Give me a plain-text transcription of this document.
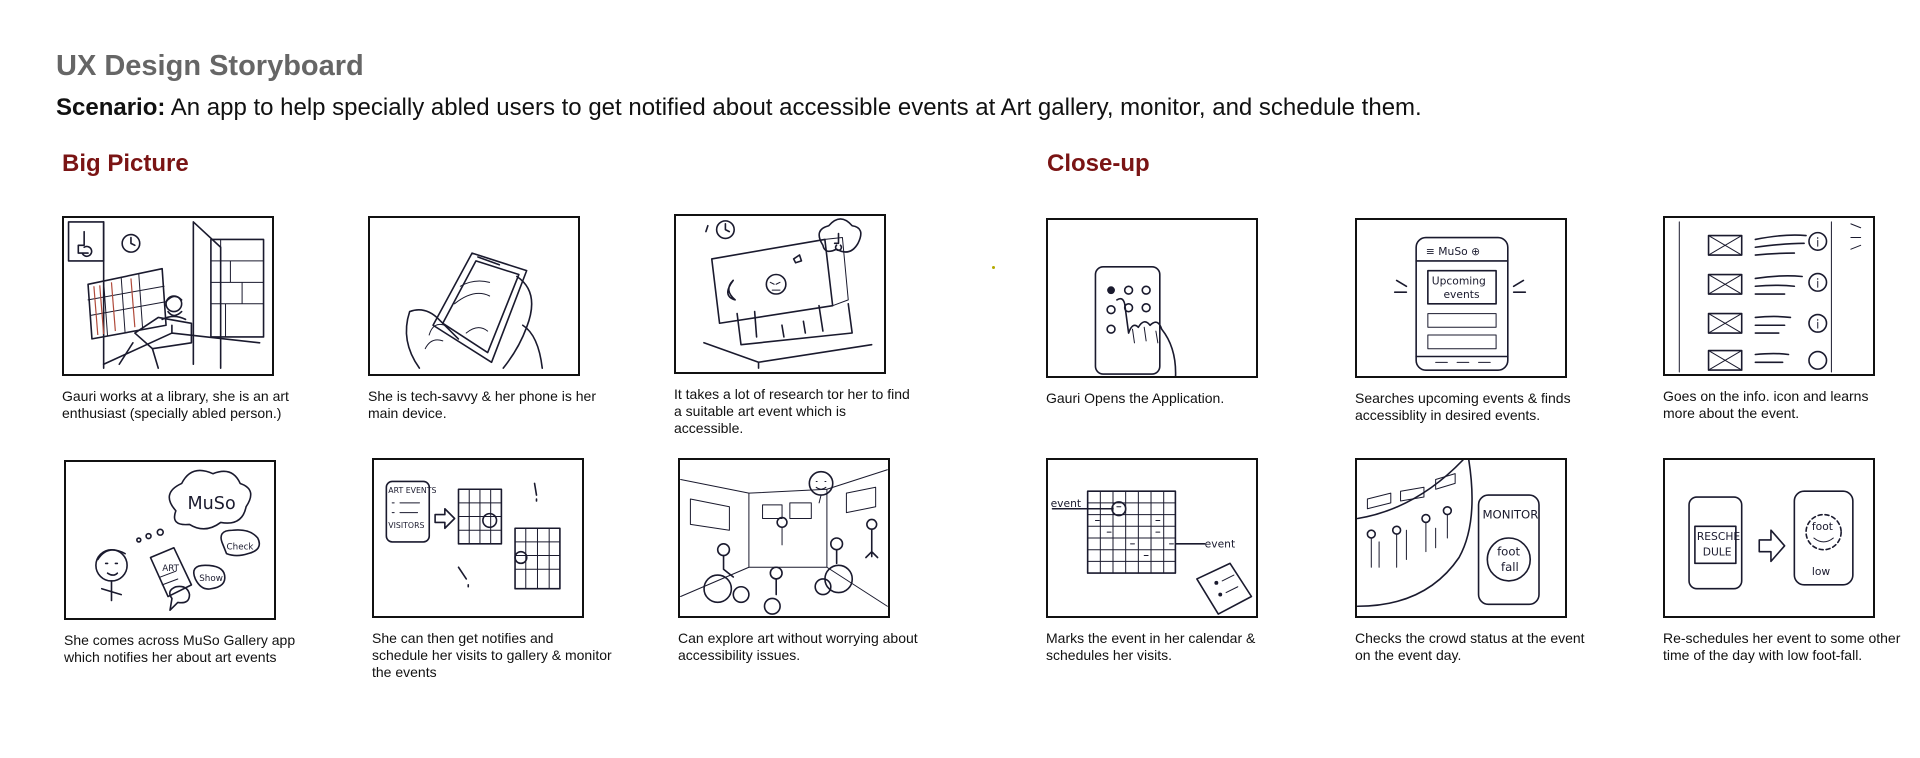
UX Design Storyboard

Scenario: An app to help specially abled users to get notified about accessible events at Art gallery, monitor, and schedule them.

Big Picture	Close-up
Gauri works at a library, she is an art enthusiast (specially abled person.)
She is tech-savvy & her phone is her main device.
It takes a lot of research tor her to find a suitable art event which is accessible.
Gauri Opens the Application.
≡ MuSo ⊕
Upcoming
events
Searches upcoming events & finds accessiblity in desired events.
Goes on the info. icon and learns more about the event.
MuSo
ART
Check
Show
She comes across MuSo Gallery app which notifies her about art events
ART EVENTS
VISITORS
She can then get notifies and schedule her visits to gallery & monitor the events
Can explore art without worrying about accessibility issues.
event
event
Marks the event in her calendar & schedules her visits.
MONITOR
foot
fall
Checks the crowd status at the event on the event day.
RESCHE
DULE
foot
low
Re-schedules her event to some other time of the day with low foot-fall.
